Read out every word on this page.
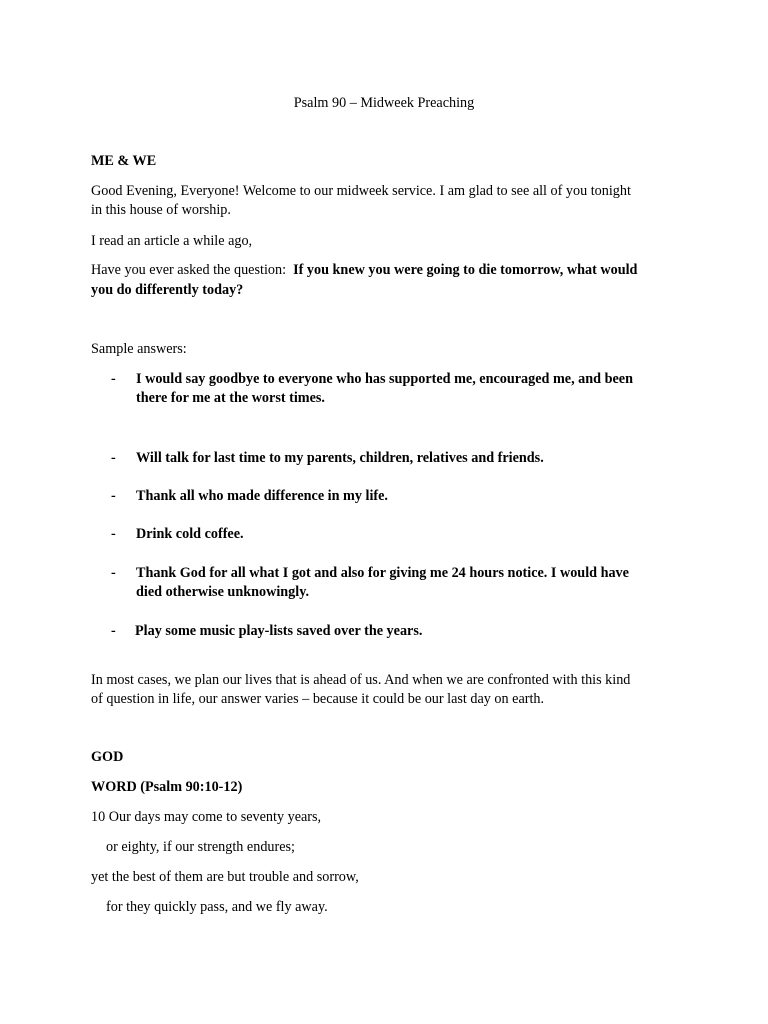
Psalm 90 – Midweek Preaching
ME & WE
Good Evening, Everyone! Welcome to our midweek service. I am glad to see all of you tonight
in this house of worship.
I read an article a while ago,
Have you ever asked the question: If you knew you were going to die tomorrow, what would
you do differently today?
Sample answers:
-	I would say goodbye to everyone who has supported me, encouraged me, and been
there for me at the worst times.
-	Will talk for last time to my parents, children, relatives and friends.
-	Thank all who made difference in my life.
-	Drink cold coffee.
-	Thank God for all what I got and also for giving me 24 hours notice. I would have
died otherwise unknowingly.
-	Play some music play-lists saved over the years.
In most cases, we plan our lives that is ahead of us. And when we are confronted with this kind
of question in life, our answer varies – because it could be our last day on earth.
GOD
WORD (Psalm 90:10-12)
10 Our days may come to seventy years,
or eighty, if our strength endures;
yet the best of them are but trouble and sorrow,
for they quickly pass, and we fly away.
